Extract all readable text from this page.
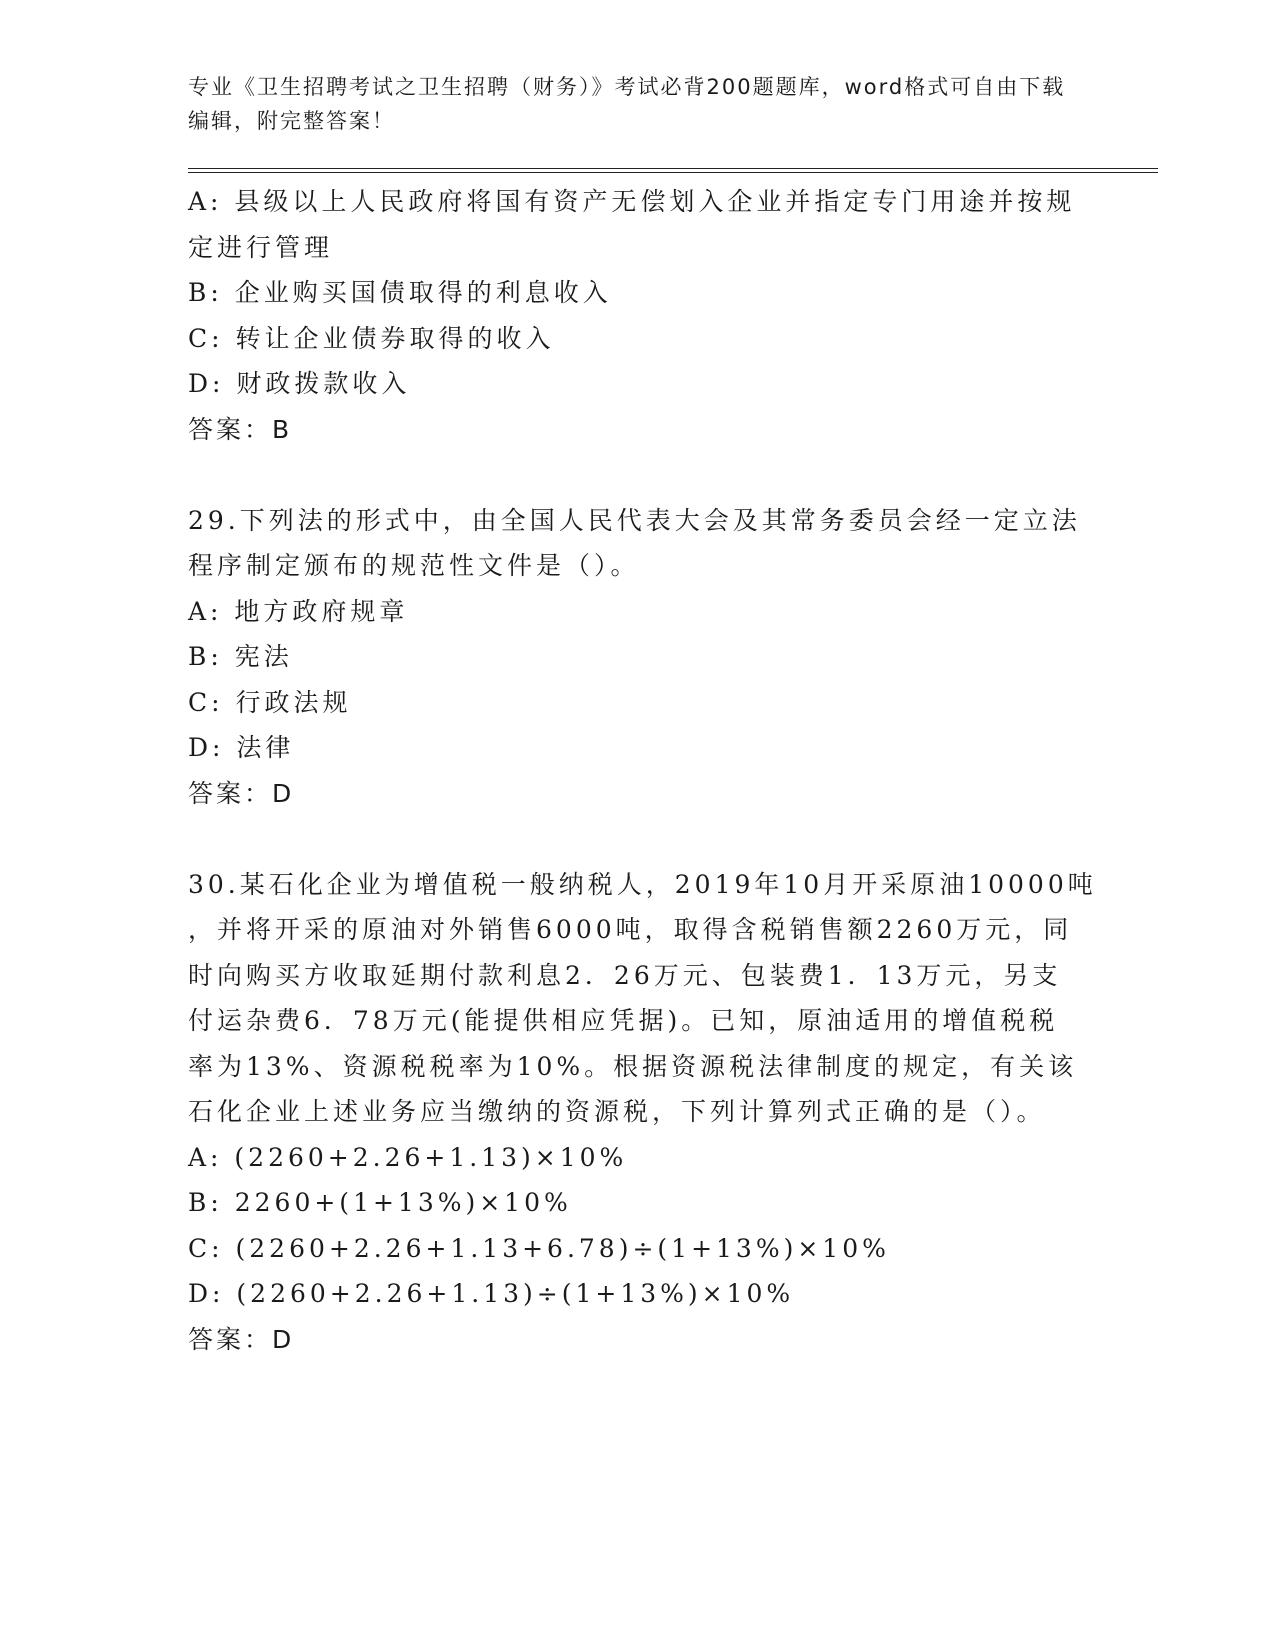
专业《卫生招聘考试之卫生招聘（财务）》考试必背200题题库，word格式可自由下载编辑，附完整答案！

A: 县级以上人民政府将国有资产无偿划入企业并指定专门用途并按规
定进行管理
B: 企业购买国债取得的利息收入
C: 转让企业债券取得的收入
D: 财政拨款收入
答案：B
29.下列法的形式中，由全国人民代表大会及其常务委员会经一定立法
程序制定颁布的规范性文件是（）。
A: 地方政府规章
B: 宪法
C: 行政法规
D: 法律
答案：D
30.某石化企业为增值税一般纳税人，2019年10月开采原油10000吨
，并将开采的原油对外销售6000吨，取得含税销售额2260万元，同
时向购买方收取延期付款利息2．26万元、包装费1．13万元，另支
付运杂费6．78万元(能提供相应凭据)。已知，原油适用的增值税税
率为13%、资源税税率为10%。根据资源税法律制度的规定，有关该
石化企业上述业务应当缴纳的资源税，下列计算列式正确的是（）。
A: (2260+2.26+1.13)×10%
B: 2260+(1+13%)×10%
C: (2260+2.26+1.13+6.78)÷(1+13%)×10%
D: (2260+2.26+1.13)÷(1+13%)×10%
答案：D
